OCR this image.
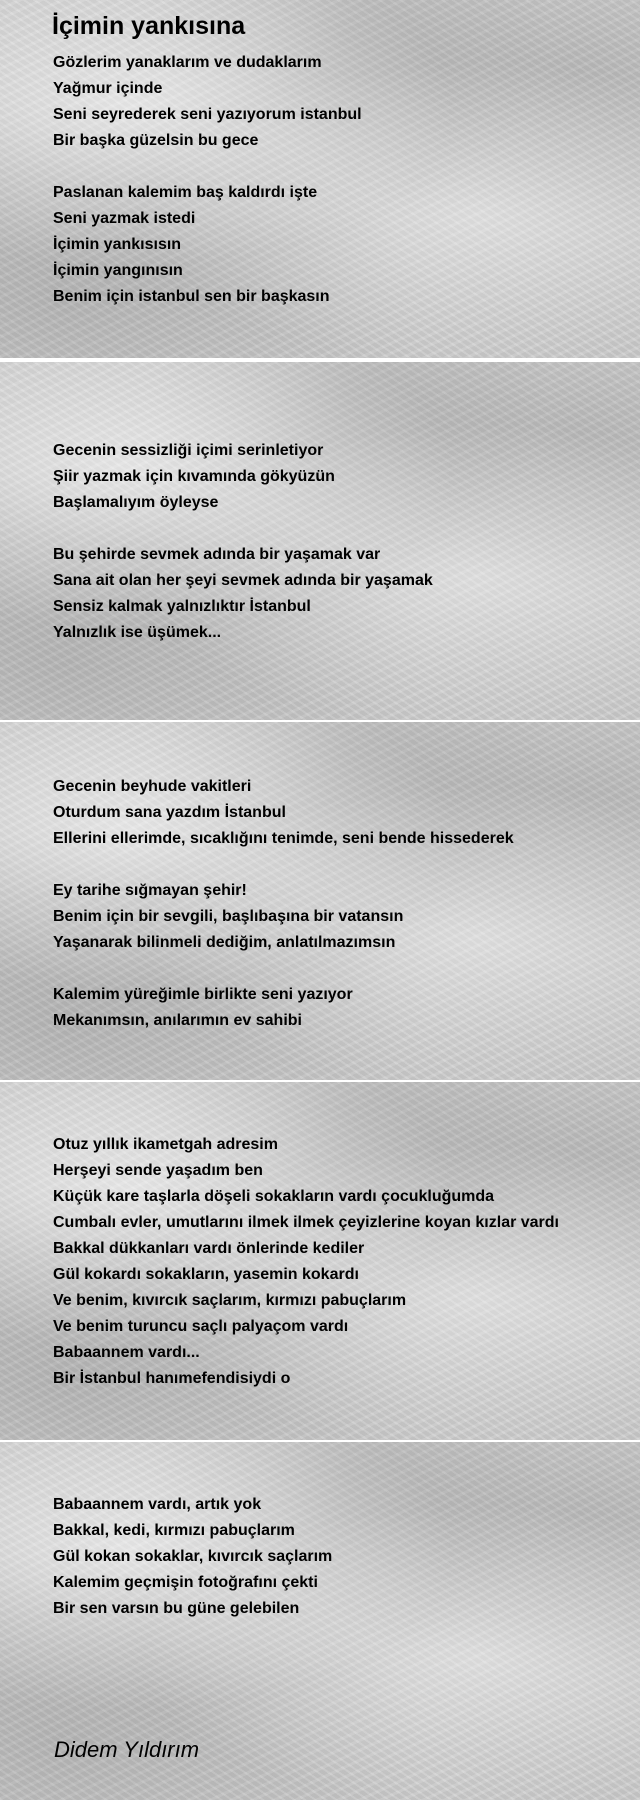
İçimin yankısına
Gözlerim yanaklarım ve dudaklarım
Yağmur içinde
Seni seyrederek seni yazıyorum istanbul
Bir başka güzelsin bu gece
Paslanan kalemim baş kaldırdı işte
Seni yazmak istedi
İçimin yankısısın
İçimin yangınısın
Benim için istanbul sen bir başkasın
Gecenin sessizliği içimi serinletiyor
Şiir yazmak için kıvamında gökyüzün
Başlamalıyım öyleyse
Bu şehirde sevmek adında bir yaşamak var
Sana ait olan her şeyi sevmek adında bir yaşamak
Sensiz kalmak yalnızlıktır İstanbul
Yalnızlık ise üşümek...
Gecenin beyhude vakitleri
Oturdum sana yazdım İstanbul
Ellerini ellerimde, sıcaklığını tenimde, seni bende hissederek
Ey tarihe sığmayan şehir!
Benim için bir sevgili, başlıbaşına bir vatansın
Yaşanarak bilinmeli dediğim, anlatılmazımsın
Kalemim yüreğimle birlikte seni yazıyor
Mekanımsın, anılarımın ev sahibi
Otuz yıllık ikametgah adresim
Herşeyi sende yaşadım ben
Küçük kare taşlarla döşeli sokakların vardı çocukluğumda
Cumbalı evler, umutlarını ilmek ilmek çeyizlerine koyan kızlar vardı
Bakkal dükkanları vardı önlerinde kediler
Gül kokardı sokakların, yasemin kokardı
Ve benim, kıvırcık saçlarım, kırmızı pabuçlarım
Ve benim turuncu saçlı palyaçom vardı
Babaannem vardı...
Bir İstanbul hanımefendisiydi o
Babaannem vardı, artık yok
Bakkal, kedi, kırmızı pabuçlarım
Gül kokan sokaklar, kıvırcık saçlarım
Kalemim geçmişin fotoğrafını çekti
Bir sen varsın bu güne gelebilen
Didem Yıldırım
